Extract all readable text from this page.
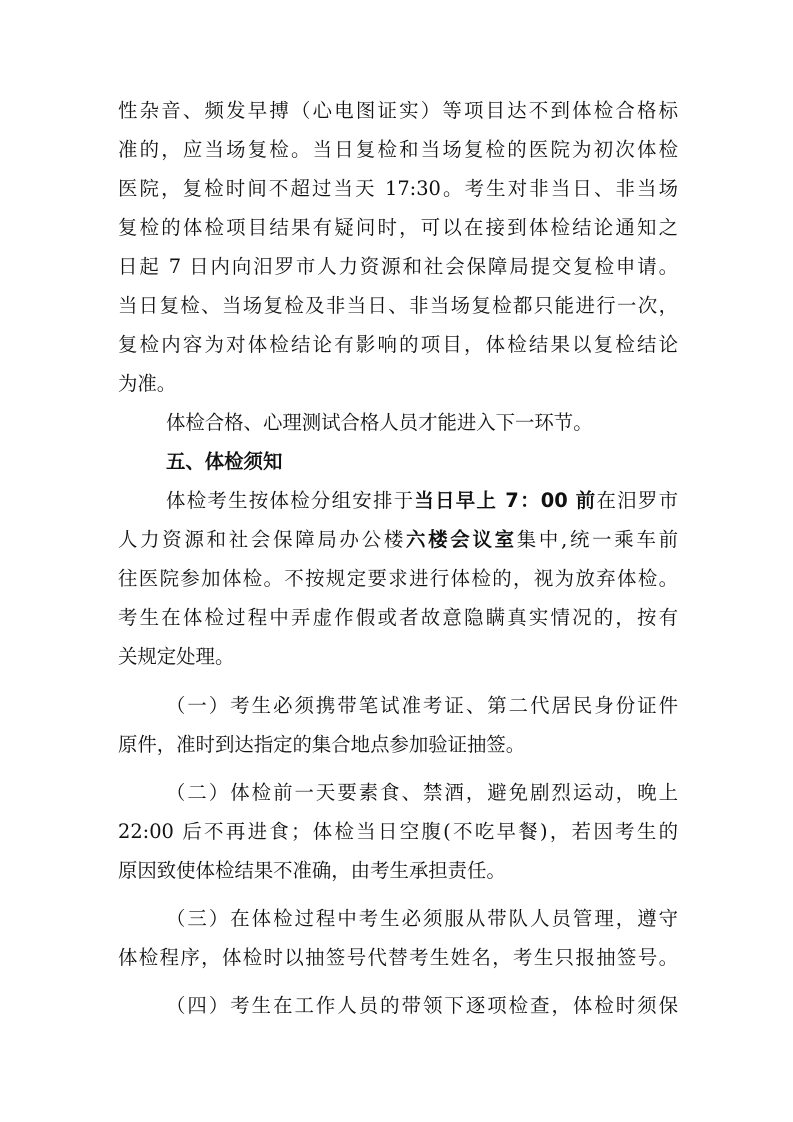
性杂音、频发早搏（心电图证实）等项目达不到体检合格标
准的，应当场复检。当日复检和当场复检的医院为初次体检
医院，复检时间不超过当天 17:30。考生对非当日、非当场
复检的体检项目结果有疑问时，可以在接到体检结论通知之
日起 7 日内向汨罗市人力资源和社会保障局提交复检申请。
当日复检、当场复检及非当日、非当场复检都只能进行一次，
复检内容为对体检结论有影响的项目，体检结果以复检结论
为准。
体检合格、心理测试合格人员才能进入下一环节。
五、体检须知
体检考生按体检分组安排于当日早上 7：00 前在汨罗市
人力资源和社会保障局办公楼六楼会议室集中,统一乘车前
往医院参加体检。不按规定要求进行体检的，视为放弃体检。
考生在体检过程中弄虚作假或者故意隐瞒真实情况的，按有
关规定处理。
（一）考生必须携带笔试准考证、第二代居民身份证件
原件，准时到达指定的集合地点参加验证抽签。
（二）体检前一天要素食、禁酒，避免剧烈运动，晚上
22:00 后不再进食；体检当日空腹(不吃早餐)，若因考生的
原因致使体检结果不准确，由考生承担责任。
（三）在体检过程中考生必须服从带队人员管理，遵守
体检程序，体检时以抽签号代替考生姓名，考生只报抽签号。
（四）考生在工作人员的带领下逐项检查，体检时须保
